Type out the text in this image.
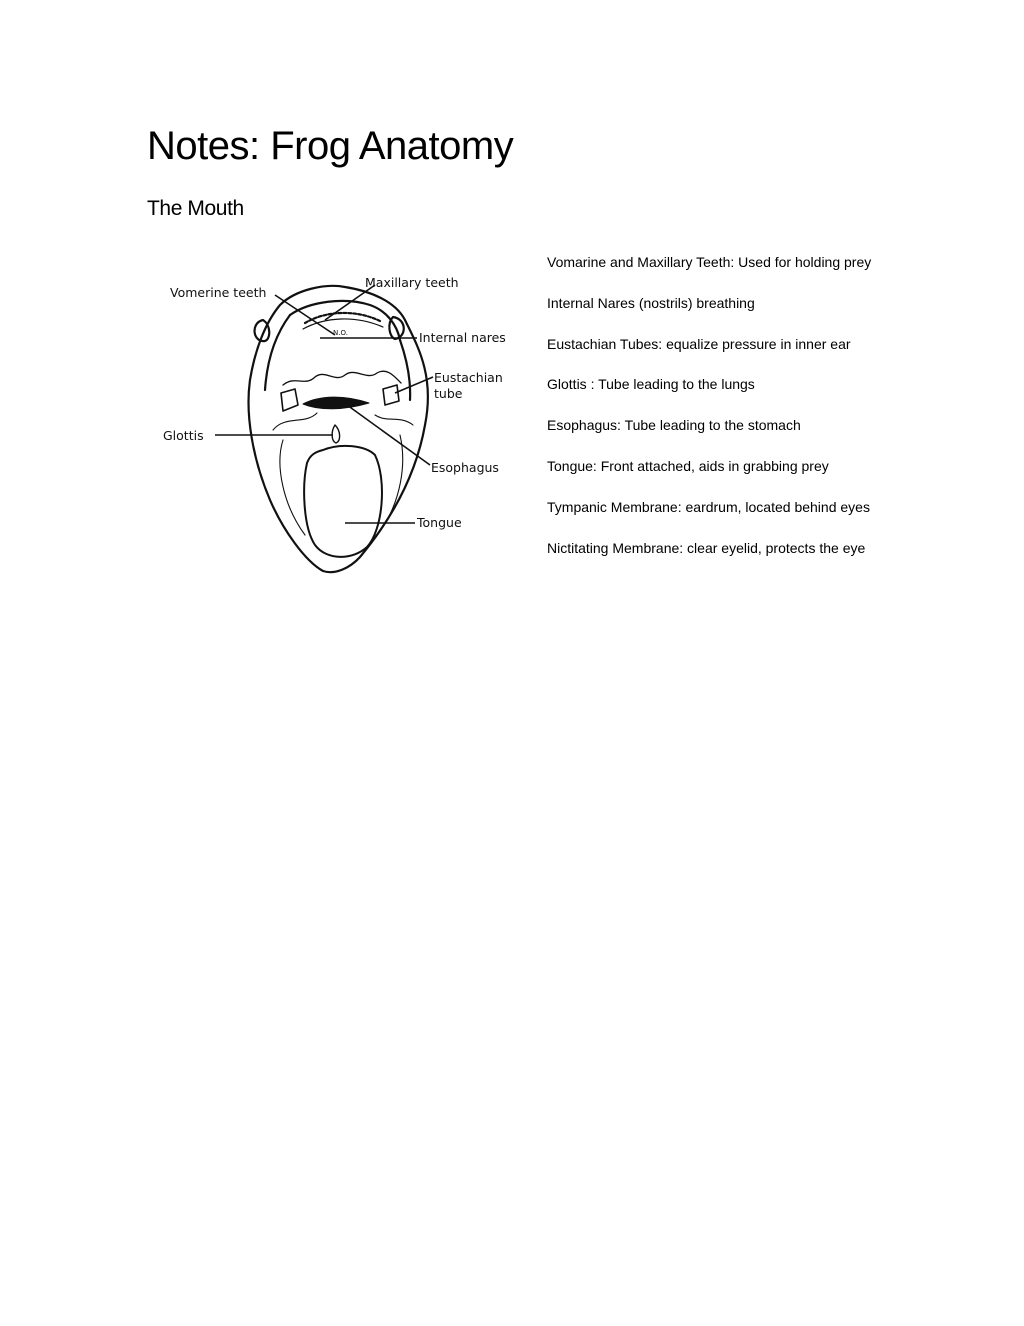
Notes: Frog Anatomy
The Mouth
Vomerine teeth
Maxillary teeth
Internal nares
Eustachian
tube
Glottis
Esophagus
Tongue
N.O.
Vomarine and Maxillary Teeth: Used for holding prey
Internal Nares (nostrils) breathing
Eustachian Tubes: equalize pressure in inner ear
Glottis : Tube leading to the lungs
Esophagus: Tube leading to the stomach
Tongue: Front attached, aids in grabbing prey
Tympanic Membrane: eardrum, located behind eyes
Nictitating Membrane: clear eyelid, protects the eye
